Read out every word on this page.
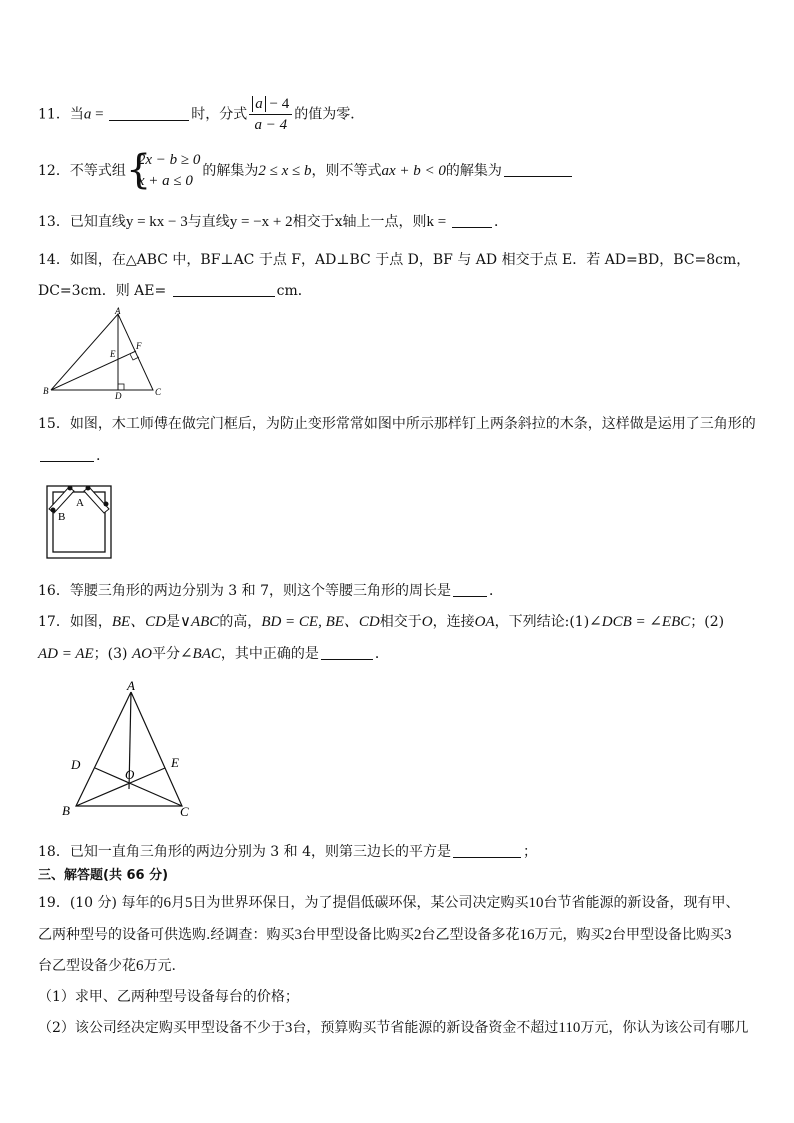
11．当a =	时，分式 $\frac{a - 4}{a - 4}$ 的值为零．
12．不等式组 {
2x − b ≥ 0
x + a ≤ 0
的解集为2 ≤ x ≤ b，则不等式ax + b < 0的解集为
13．已知直线y = kx − 3与直线y = −x + 2相交于x轴上一点，则k =	．
14．如图，在△ABC 中，BF⊥AC 于点 F，AD⊥BC 于点 D，BF 与 AD 相交于点 E．若 AD=BD，BC=8cm，
DC=3cm．则 AE=	cm．
A
B	C
D
E
F
15．如图，木工师傅在做完门框后，为防止变形常常如图中所示那样钉上两条斜拉的木条，这样做是运用了三角形的
.
A
B
16．等腰三角形的两边分别为 3 和 7，则这个等腰三角形的周长是	．
17．如图，BE、CD是∨ABC的高，BD = CE, BE、CD相交于O，连接OA，下列结论:(1)∠DCB = ∠EBC；(2)
AD = AE；(3) AO平分∠BAC，其中正确的是	．
A
B	C
D	E
O
18．已知一直角三角形的两边分别为 3 和 4，则第三边长的平方是	；
三、解答题(共 66 分)
19．(10 分) 每年的6月5日为世界环保日，为了提倡低碳环保，某公司决定购买10台节省能源的新设备，现有甲、
乙两种型号的设备可供选购.经调查：购买3台甲型设备比购买2台乙型设备多花16万元，购买2台甲型设备比购买3
台乙型设备少花6万元.
（1）求甲、乙两种型号设备每台的价格；
（2）该公司经决定购买甲型设备不少于3台，预算购买节省能源的新设备资金不超过110万元，你认为该公司有哪几
